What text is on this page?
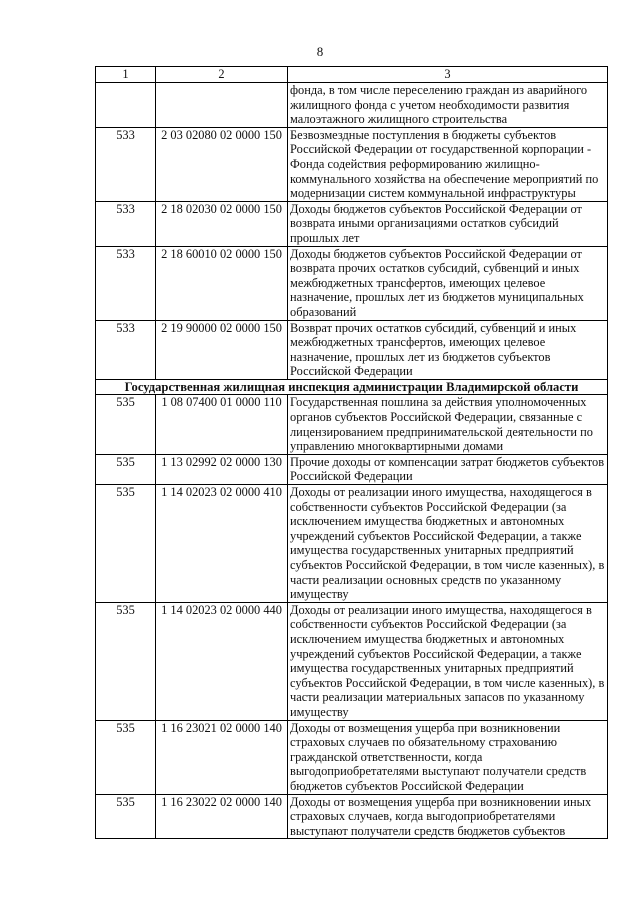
8
1	2	3
		фонда, в том числе переселению граждан из аварийного жилищного фонда с учетом необходимости развития малоэтажного жилищного строительства
533	2 03 02080 02 0000 150	Безвозмездные поступления в бюджеты субъектов Российской Федерации от государственной корпорации - Фонда содействия реформированию жилищно-коммунального хозяйства на обеспечение мероприятий по модернизации систем коммунальной инфраструктуры
533	2 18 02030 02 0000 150	Доходы бюджетов субъектов Российской Федерации от возврата иными организациями остатков субсидий прошлых лет
533	2 18 60010 02 0000 150	Доходы бюджетов субъектов Российской Федерации от возврата прочих остатков субсидий, субвенций и иных межбюджетных трансфертов, имеющих целевое назначение, прошлых лет из бюджетов муниципальных образований
533	2 19 90000 02 0000 150	Возврат прочих остатков субсидий, субвенций и иных межбюджетных трансфертов, имеющих целевое назначение, прошлых лет из бюджетов субъектов Российской Федерации
Государственная жилищная инспекция администрации Владимирской области		
535	1 08 07400 01 0000 110	Государственная пошлина за действия уполномоченных органов субъектов Российской Федерации, связанные с лицензированием предпринимательской деятельности по управлению многоквартирными домами
535	1 13 02992 02 0000 130	Прочие доходы от компенсации затрат бюджетов субъектов Российской Федерации
535	1 14 02023 02 0000 410	Доходы от реализации иного имущества, находящегося в собственности субъектов Российской Федерации (за исключением имущества бюджетных и автономных учреждений субъектов Российской Федерации, а также имущества государственных унитарных предприятий субъектов Российской Федерации, в том числе казенных), в части реализации основных средств по указанному имуществу
535	1 14 02023 02 0000 440	Доходы от реализации иного имущества, находящегося в собственности субъектов Российской Федерации (за исключением имущества бюджетных и автономных учреждений субъектов Российской Федерации, а также имущества государственных унитарных предприятий субъектов Российской Федерации, в том числе казенных), в части реализации материальных запасов по указанному имуществу
535	1 16 23021 02 0000 140	Доходы от возмещения ущерба при возникновении страховых случаев по обязательному страхованию гражданской ответственности, когда выгодоприобретателями выступают получатели средств бюджетов субъектов Российской Федерации
535	1 16 23022 02 0000 140	Доходы от возмещения ущерба при возникновении иных страховых случаев, когда выгодоприобретателями выступают получатели средств бюджетов субъектов
